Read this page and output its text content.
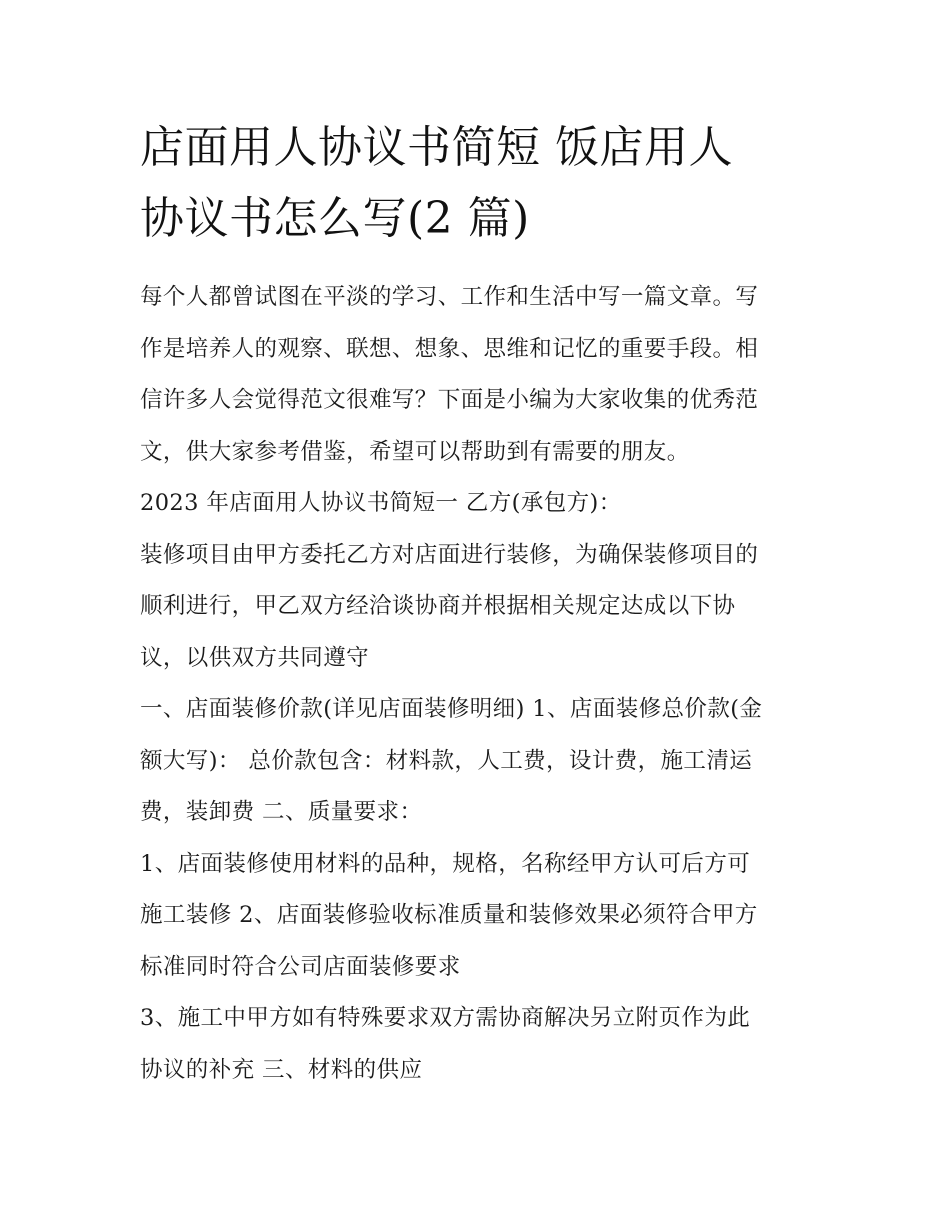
店面用人协议书简短 饭店用人
协议书怎么写(2 篇)

每个人都曾试图在平淡的学习、工作和生活中写一篇文章。写
作是培养人的观察、联想、想象、思维和记忆的重要手段。相
信许多人会觉得范文很难写？下面是小编为大家收集的优秀范
文，供大家参考借鉴，希望可以帮助到有需要的朋友。

2023 年店面用人协议书简短一 乙方(承包方)：

装修项目由甲方委托乙方对店面进行装修，为确保装修项目的
顺利进行，甲乙双方经洽谈协商并根据相关规定达成以下协
议，以供双方共同遵守

一、店面装修价款(详见店面装修明细) 1、店面装修总价款(金
额大写)： 总价款包含：材料款，人工费，设计费，施工清运
费，装卸费 二、质量要求：

1、店面装修使用材料的品种，规格，名称经甲方认可后方可
施工装修 2、店面装修验收标准质量和装修效果必须符合甲方
标准同时符合公司店面装修要求

3、施工中甲方如有特殊要求双方需协商解决另立附页作为此
协议的补充 三、材料的供应
